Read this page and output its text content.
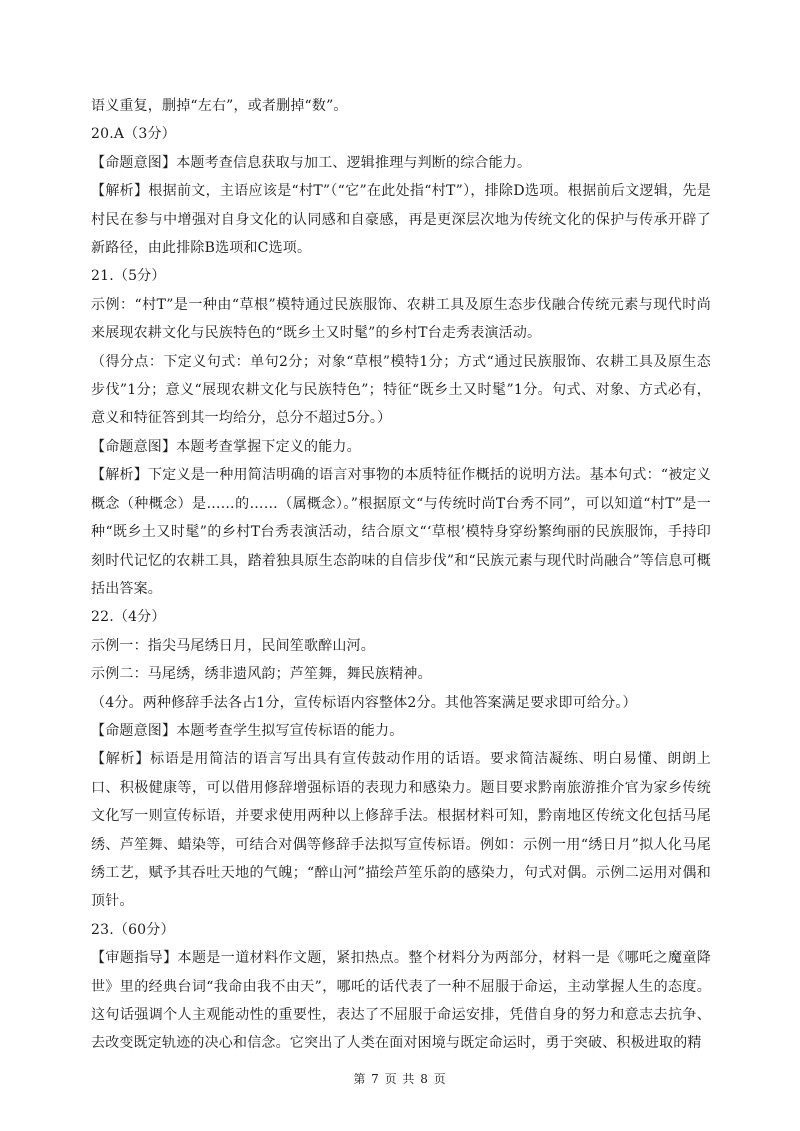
语义重复，删掉“左右”，或者删掉“数”。

20.A（3分）

【命题意图】本题考查信息获取与加工、逻辑推理与判断的综合能力。

【解析】根据前文，主语应该是“村T”（“它”在此处指“村T”），排除D选项。根据前后文逻辑，先是村民在参与中增强对自身文化的认同感和自豪感，再是更深层次地为传统文化的保护与传承开辟了新路径，由此排除B选项和C选项。

21.（5分）

示例：“村T”是一种由“草根”模特通过民族服饰、农耕工具及原生态步伐融合传统元素与现代时尚来展现农耕文化与民族特色的“既乡土又时髦”的乡村T台走秀表演活动。

（得分点：下定义句式：单句2分；对象“草根”模特1分；方式“通过民族服饰、农耕工具及原生态步伐”1分；意义“展现农耕文化与民族特色”；特征“既乡土又时髦”1分。句式、对象、方式必有，意义和特征答到其一均给分，总分不超过5分。）

【命题意图】本题考查掌握下定义的能力。

【解析】下定义是一种用简洁明确的语言对事物的本质特征作概括的说明方法。基本句式：“被定义概念（种概念）是……的……（属概念）。”根据原文“与传统时尚T台秀不同”，可以知道“村T”是一种“既乡土又时髦”的乡村T台秀表演活动，结合原文“‘草根’模特身穿纷繁绚丽的民族服饰，手持印刻时代记忆的农耕工具，踏着独具原生态韵味的自信步伐”和“民族元素与现代时尚融合”等信息可概括出答案。

22.（4分）

示例一：指尖马尾绣日月，民间笙歌醉山河。

示例二：马尾绣，绣非遗风韵；芦笙舞，舞民族精神。

（4分。两种修辞手法各占1分，宣传标语内容整体2分。其他答案满足要求即可给分。）

【命题意图】本题考查学生拟写宣传标语的能力。

【解析】标语是用简洁的语言写出具有宣传鼓动作用的话语。要求简洁凝练、明白易懂、朗朗上口、积极健康等，可以借用修辞增强标语的表现力和感染力。题目要求黔南旅游推介官为家乡传统文化写一则宣传标语，并要求使用两种以上修辞手法。根据材料可知，黔南地区传统文化包括马尾绣、芦笙舞、蜡染等，可结合对偶等修辞手法拟写宣传标语。例如：示例一用“绣日月”拟人化马尾绣工艺，赋予其吞吐天地的气魄；“醉山河”描绘芦笙乐韵的感染力，句式对偶。示例二运用对偶和顶针。

23.（60分）

【审题指导】本题是一道材料作文题，紧扣热点。整个材料分为两部分，材料一是《哪吒之魔童降世》里的经典台词“我命由我不由天”，哪吒的话代表了一种不屈服于命运，主动掌握人生的态度。这句话强调个人主观能动性的重要性，表达了不屈服于命运安排，凭借自身的努力和意志去抗争、去改变既定轨迹的决心和信念。它突出了人类在面对困境与既定命运时，勇于突破、积极进取的精

第 7 页 共 8 页
